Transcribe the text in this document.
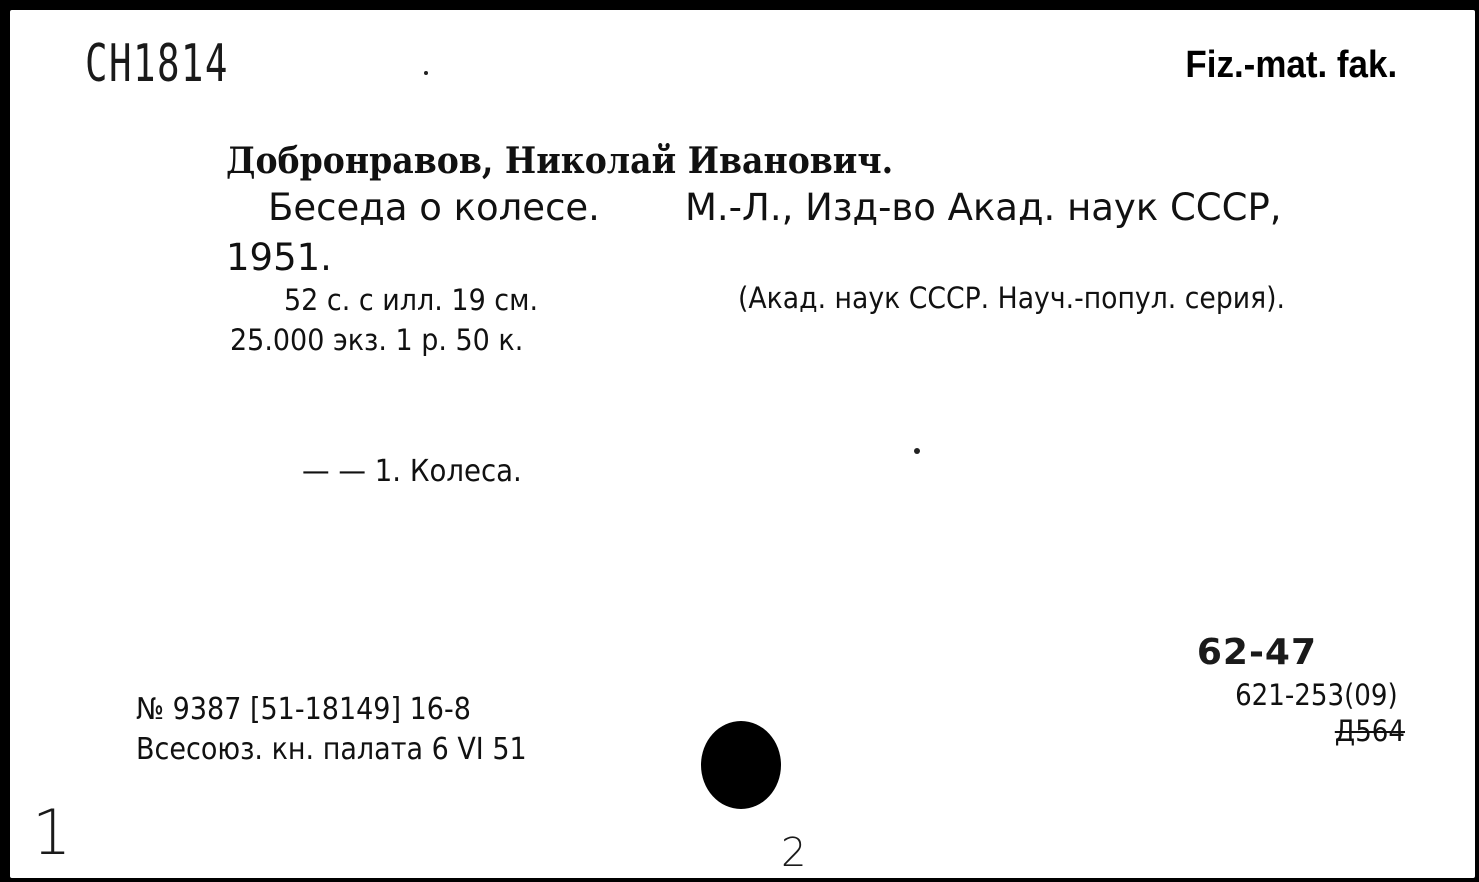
CH1814	Fiz.-mat. fak.
Добронравов, Николай Иванович.
Беседа о колесе. М.-Л., Изд-во Акад. наук СССР,
1951.
52 с. с илл. 19 см.	(Акад. наук СССР. Науч.-попул. серия).
25.000 экз. 1 р. 50 к.
— — 1. Колеса.
№ 9387 [51-18149] 16-8
Всесоюз. кн. палата 6 VI 51
62-47
621-253(09)
Д564
1	2
